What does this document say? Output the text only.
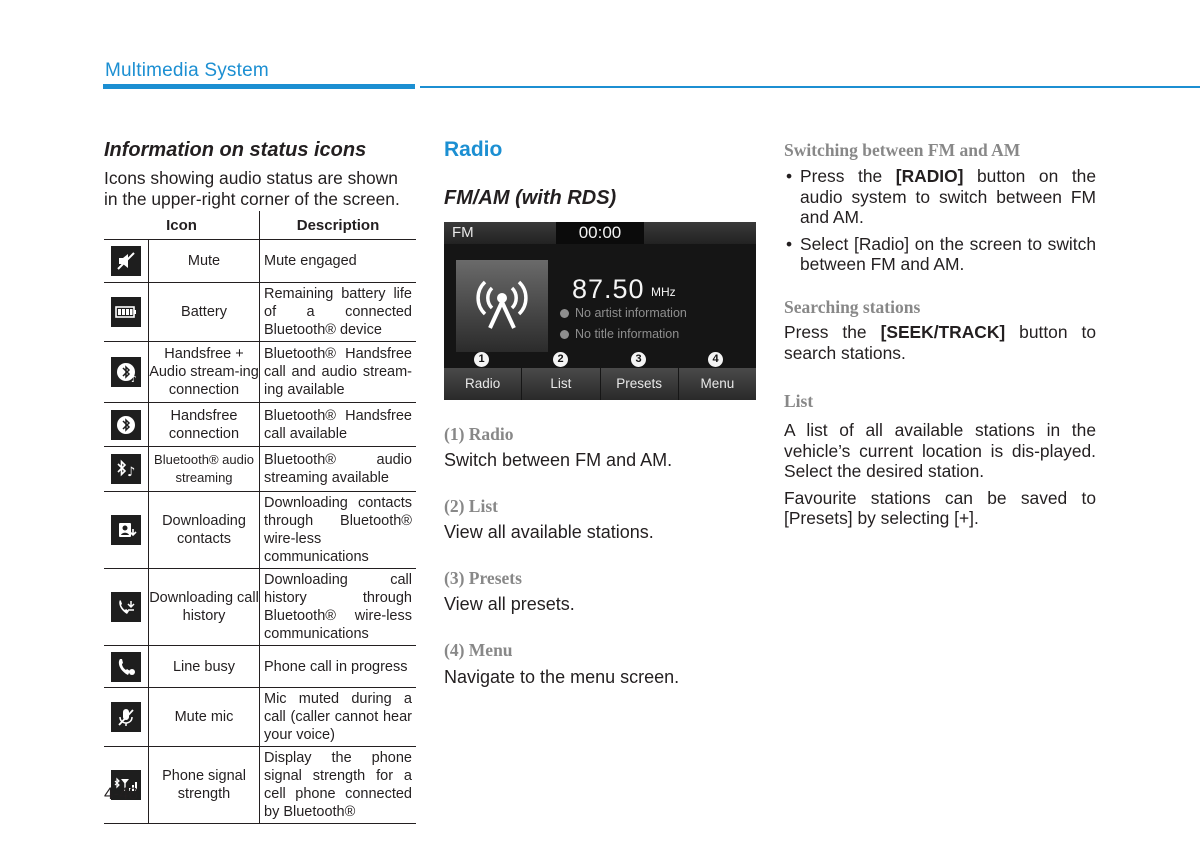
Multimedia System
Information on status icons

Icons showing audio status are shown in the upper-right corner of the screen.

Icon		Description

	Mute	Mute engaged

	Battery	Remaining battery life of a connected Bluetooth® device

♪	Handsfree + Audio stream-ing connection	Bluetooth® Handsfree call and audio stream-ing available

	Handsfree connection	Bluetooth® Handsfree call available

♪	Bluetooth® audio streaming	Bluetooth® audio streaming available

	Downloading contacts	Downloading contacts through Bluetooth® wire-less communications

	Downloading call history	Downloading call history through Bluetooth® wire-less communications

	Line busy	Phone call in progress

	Mute mic	Mic muted during a call (caller cannot hear your voice)

	Phone signal strength	Display the phone signal strength for a cell phone connected by Bluetooth®
4-48
Radio
FM/AM (with RDS)
FM	00:00
87.50 MHz
No artist information
No title information
1	2	3	4
Radio	List	Presets	Menu
(1) Radio

Switch between FM and AM.

(2) List

View all available stations.

(3) Presets

View all presets.

(4) Menu

Navigate to the menu screen.

Switching between FM and AM

• Press the [RADIO] button on the audio system to switch between FM and AM.

• Select [Radio] on the screen to switch between FM and AM.

Searching stations

Press the [SEEK/TRACK] button to search stations.

List

A list of all available stations in the vehicle’s current location is dis-played. Select the desired station.

Favourite stations can be saved to [Presets] by selecting [+].
